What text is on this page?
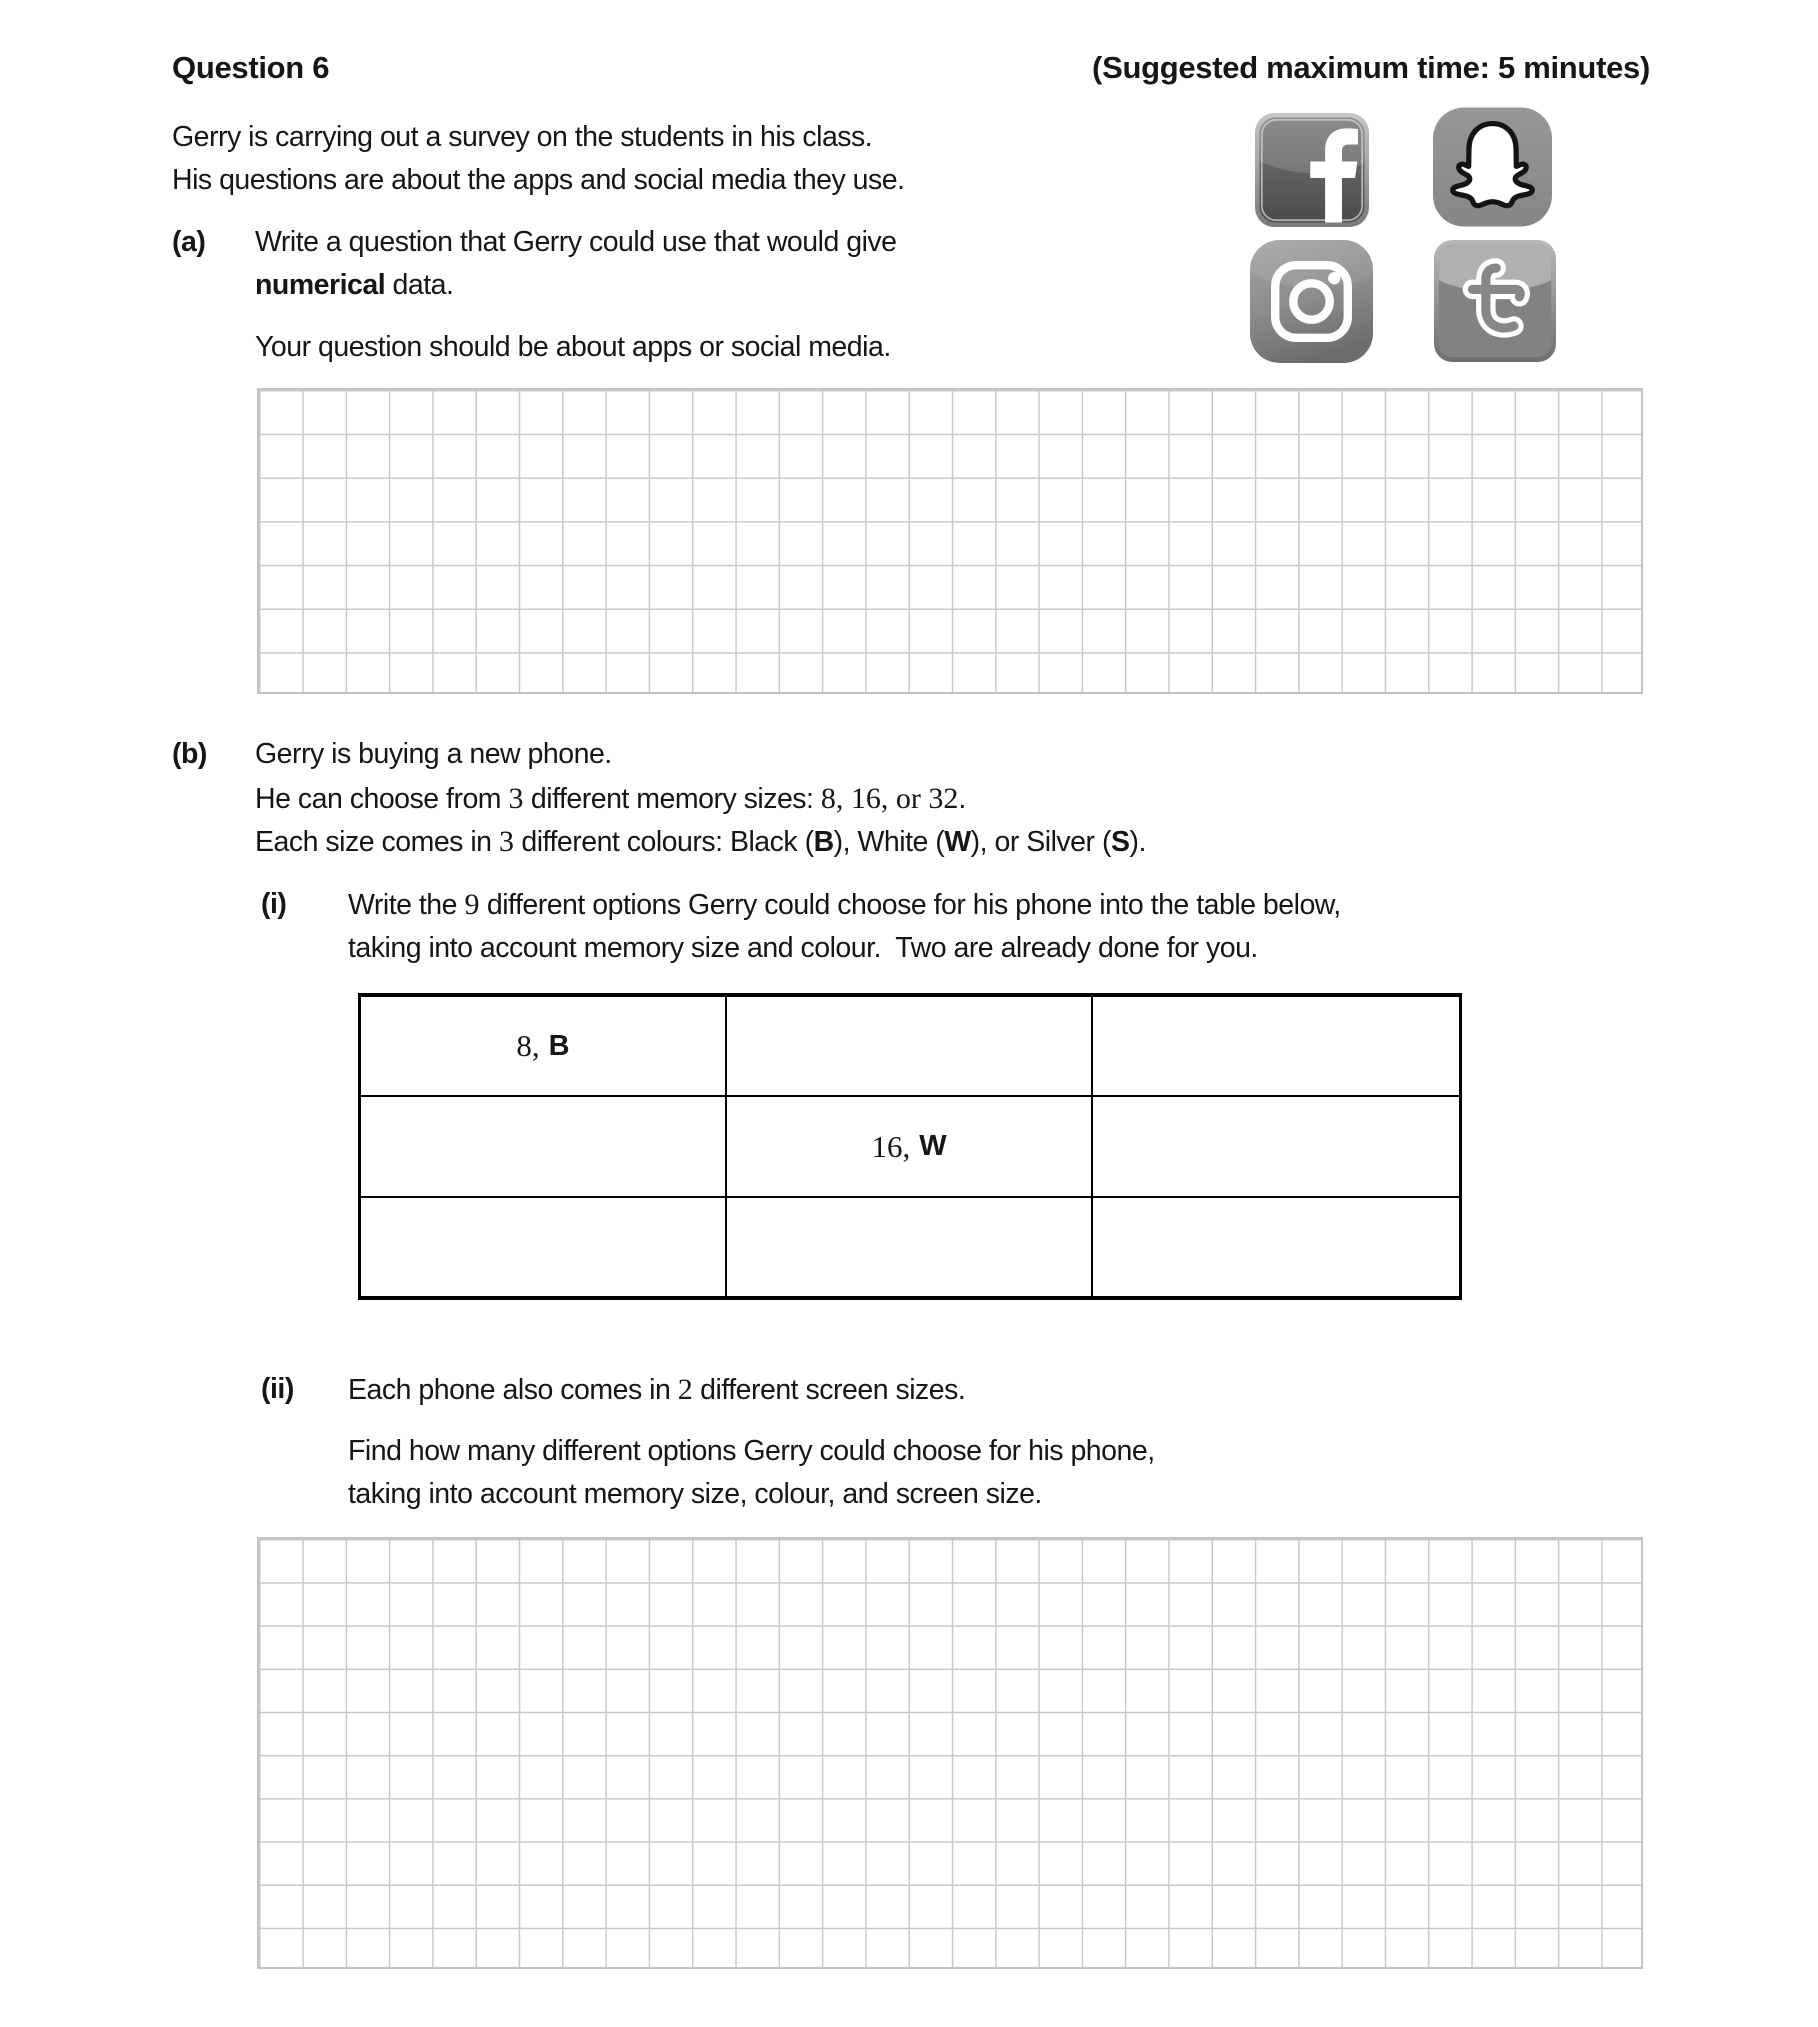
Question 6	(Suggested maximum time: 5 minutes)
Gerry is carrying out a survey on the students in his class.
His questions are about the apps and social media they use.
(a) Write a question that Gerry could use that would give
numerical data.
Your question should be about apps or social media.
(b) Gerry is buying a new phone.
He can choose from 3 different memory sizes: 8, 16, or 32.
Each size comes in 3 different colours: Black (B), White (W), or Silver (S).
(i) Write the 9 different options Gerry could choose for his phone into the table below,
taking into account memory size and colour.  Two are already done for you.
8, B
16, W
(ii) Each phone also comes in 2 different screen sizes.
Find how many different options Gerry could choose for his phone,
taking into account memory size, colour, and screen size.
